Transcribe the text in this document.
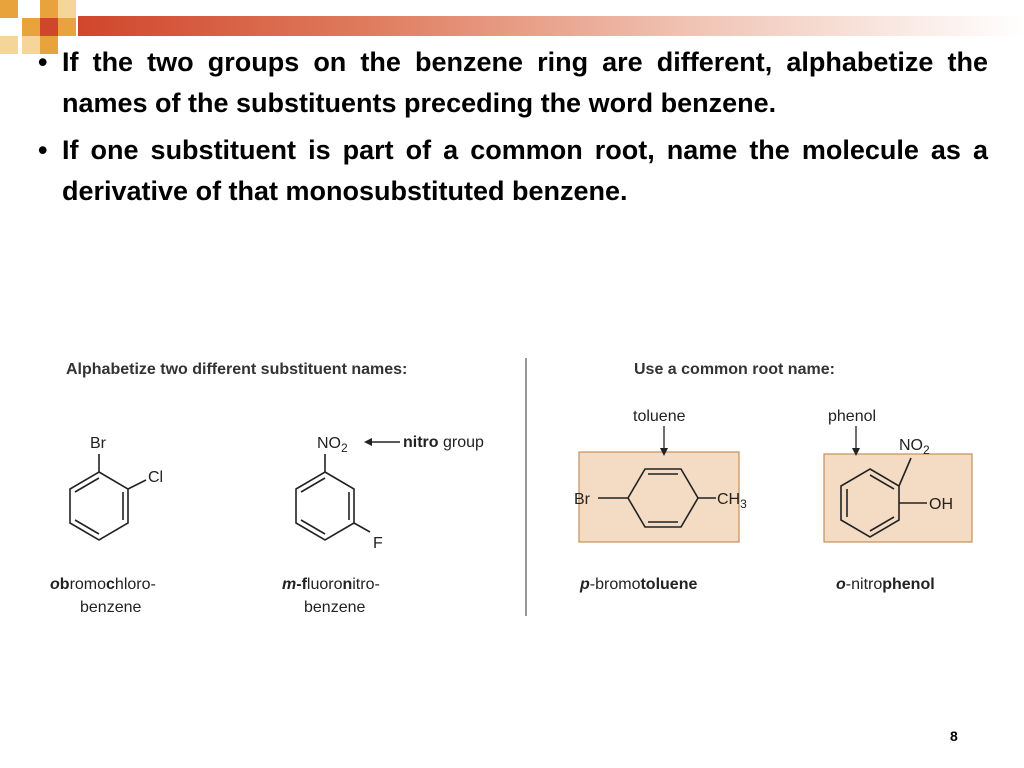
• If the two groups on the benzene ring are different, alphabetize the names of the substituents preceding the word benzene.
• If one substituent is part of a common root, name the molecule as a derivative of that monosubstituted benzene.
Alphabetize two different substituent names:	Use a common root name:
Br
Cl
obromochloro-
benzene
$NO_2$	nitro group
F
m-fluoronitro-
benzene
toluene
Br	$CH_3$
p-bromotoluene
phenol
$NO_2$
OH
o-nitrophenol
8
